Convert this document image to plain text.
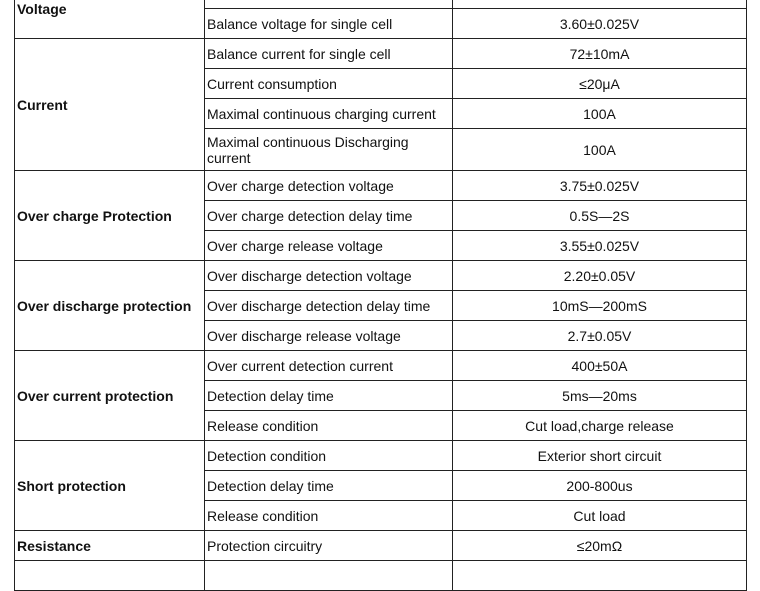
Voltage		
	Balance voltage for single cell	3.60±0.025V
Current	Balance current for single cell	72±10mA
	Current consumption	≤20μA
	Maximal continuous charging current	100A
	Maximal continuous Discharging current	100A
Over charge Protection	Over charge detection voltage	3.75±0.025V
	Over charge detection delay time	0.5S—2S
	Over charge release voltage	3.55±0.025V
Over discharge protection	Over discharge detection voltage	2.20±0.05V
	Over discharge detection delay time	10mS—200mS
	Over discharge release voltage	2.7±0.05V
Over current protection	Over current detection current	400±50A
	Detection delay time	5ms—20ms
	Release condition	Cut load,charge release
Short protection	Detection condition	Exterior short circuit
	Detection delay time	200-800us
	Release condition	Cut load
Resistance	Protection circuitry	≤20mΩ
